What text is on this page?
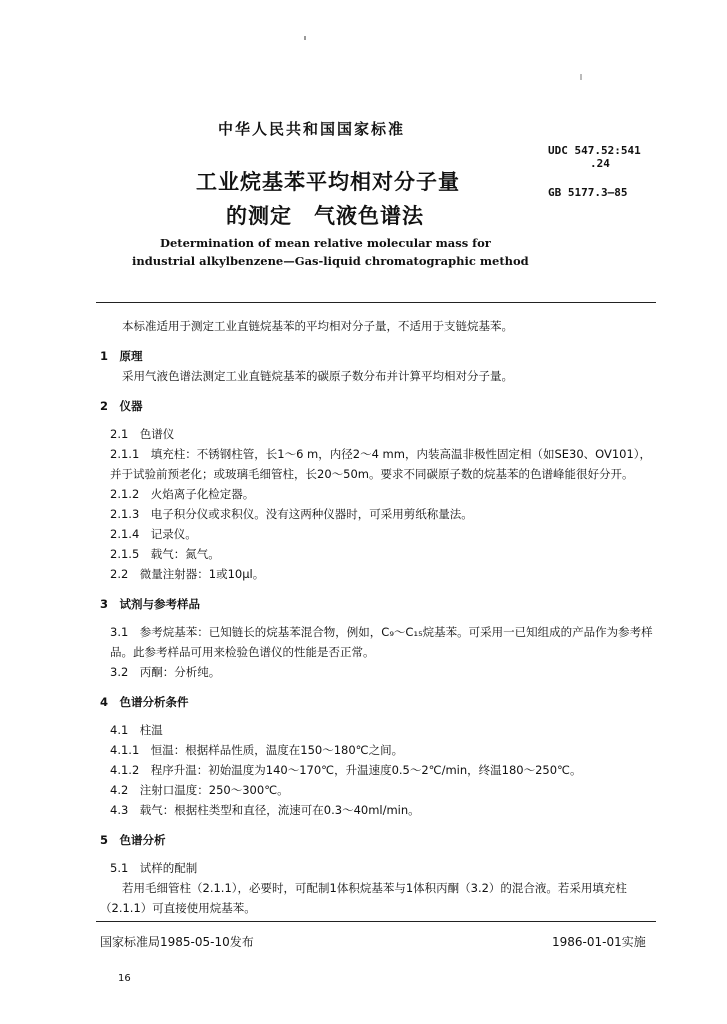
中华人民共和国国家标准
工业烷基苯平均相对分子量
的测定　气液色谱法
UDC 547.52:541
.24
GB 5177.3—85
Determination of mean relative molecular mass for
industrial alkylbenzene—Gas-liquid chromatographic method

本标准适用于测定工业直链烷基苯的平均相对分子量，不适用于支链烷基苯。

1　原理

采用气液色谱法测定工业直链烷基苯的碳原子数分布并计算平均相对分子量。

2　仪器

2.1　色谱仪

2.1.1　填充柱：不锈钢柱管，长1～6 m，内径2～4 mm，内装高温非极性固定相（如SE30、OV101），并于试验前预老化；或玻璃毛细管柱，长20～50m。要求不同碳原子数的烷基苯的色谱峰能很好分开。

2.1.2　火焰离子化检定器。

2.1.3　电子积分仪或求积仪。没有这两种仪器时，可采用剪纸称量法。

2.1.4　记录仪。

2.1.5　载气：氮气。

2.2　微量注射器：1或10μl。

3　试剂与参考样品

3.1　参考烷基苯：已知链长的烷基苯混合物，例如，C₉～C₁₅烷基苯。可采用一已知组成的产品作为参考样品。此参考样品可用来检验色谱仪的性能是否正常。

3.2　丙酮：分析纯。

4　色谱分析条件

4.1　柱温

4.1.1　恒温：根据样品性质，温度在150～180℃之间。

4.1.2　程序升温：初始温度为140～170℃，升温速度0.5～2℃/min，终温180～250℃。

4.2　注射口温度：250～300℃。

4.3　载气：根据柱类型和直径，流速可在0.3～40ml/min。

5　色谱分析

5.1　试样的配制

若用毛细管柱（2.1.1），必要时，可配制1体积烷基苯与1体积丙酮（3.2）的混合液。若采用填充柱（2.1.1）可直接使用烷基苯。

国家标准局1985-05-10发布	1986-01-01实施
16
